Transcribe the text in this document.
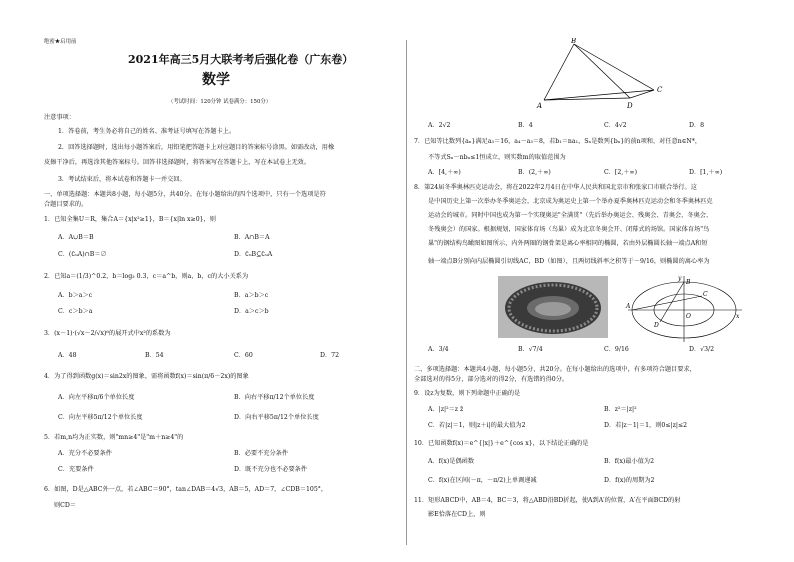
绝密★启用前
2021年高三5月大联考考后强化卷（广东卷）
数学
（考试时间：120分钟 试卷满分：150分）
注意事项：
1．答卷前，考生务必将自己的姓名、准考证号填写在答题卡上。
2．回答选择题时，选出每小题答案后，用铅笔把答题卡上对应题目的答案标号涂黑。如需改动，用橡
皮擦干净后，再选涂其他答案标号。回答非选择题时，将答案写在答题卡上，写在本试卷上无效。
3．考试结束后，将本试卷和答题卡一并交回。
一、单项选择题：本题共8小题，每小题5分，共40分。在每小题给出的四个选项中，只有一个选项是符
合题目要求的。
1．已知全集U＝R，集合A＝{x|x²≥1}，B＝{x|ln x≥0}，则
A．A∪B＝B	B．A∩B＝A
C．(∁ᵤA)∩B＝∅	D．∁ᵤB⊆∁ᵤA
2．已知a＝(1/3)^0.2，b＝log₃ 0.3，c＝a^b，则a，b，c的大小关系为
A．b＞a＞c	B．a＞b＞c
C．c＞b＞a	D．a＞c＞b
3．(x－1)·(√x－2/√x)⁶的展开式中x²的系数为
A．48	B．54	C．60	D．72
4．为了得到函数g(x)＝sin2x的图象，需将函数f(x)＝sin(π/6－2x)的图象
A．向左平移π/6个单位长度	B．向右平移π/12个单位长度
C．向左平移5π/12个单位长度	D．向右平移5π/12个单位长度
5．若m,n均为正实数，则"mn≥4"是"m＋n≥4"的
A．充分不必要条件	B．必要不充分条件
C．充要条件	D．既不充分也不必要条件
6．如图，D是△ABC外一点，若∠ABC＝90°，tan∠DAB＝4√3，AB＝5，AD＝7，∠CDB＝105°，
则CD＝
B
A	D
C
A．2√2	B．4	C．4√2	D．8
7．已知等比数列{aₙ}满足a₃＝16，a₄－a₃＝8，若b₁＝na₁，Sₙ是数列{bₙ}的前n项和，对任意n∈N*，
不等式Sₙ－nbₙ≤1恒成立，则实数m的取值范围为
A．[4,＋∞)	B．(2,＋∞)	C．[2,＋∞)	D．[1,＋∞)
8．第24届冬季奥林匹克运动会，将在2022年2月4日在中华人民共和国北京市和张家口市联合举行。这
是中国历史上第一次举办冬季奥运会，北京成为奥运史上第一个举办夏季奥林匹克运动会和冬季奥林匹克
运动会的城市。同时中国也成为第一个实现奥运"全满贯"（先后举办奥运会、残奥会、青奥会、冬奥会、
冬残奥会）的国家。根据规划，国家体育场（鸟巢）成为北京冬奥会开、闭幕式的场馆。国家体育场"鸟
巢"的钢结构鸟瞰图如图所示，内外两圈的钢骨架是离心率相同的椭圆，若由外层椭圆长轴一端点A和短
轴一端点B分别向内层椭圆引切线AC，BD（如图），且两切线斜率之积等于－9/16，则椭圆的离心率为
y
x
O
A
B
C
D
A．3/4	B．√7/4	C．9/16	D．√3/2
二、多项选择题：本题共4小题，每小题5分，共20分。在每小题给出的选项中，有多项符合题目要求，
全部选对的得5分，部分选对的得2分，有选错的得0分。
9．设z为复数，则下列命题中正确的是
A．|z|²＝z z̄	B．z²＝|z|²
C．若|z|＝1，则|z＋i|的最大值为2	D．若|z－1|＝1，则0≤|z|≤2
10．已知函数f(x)＝e^{|x|}＋e^{cos x}，以下结论正确的是
A．f(x)是偶函数	B．f(x)最小值为2
C．f(x)在区间(－π，－π/2)上单调递减	D．f(x)的周期为2
11．矩形ABCD中，AB＝4，BC＝3，将△ABD沿BD折起，使A到A′的位置，A′在平面BCD的射
影E恰落在CD上，则
